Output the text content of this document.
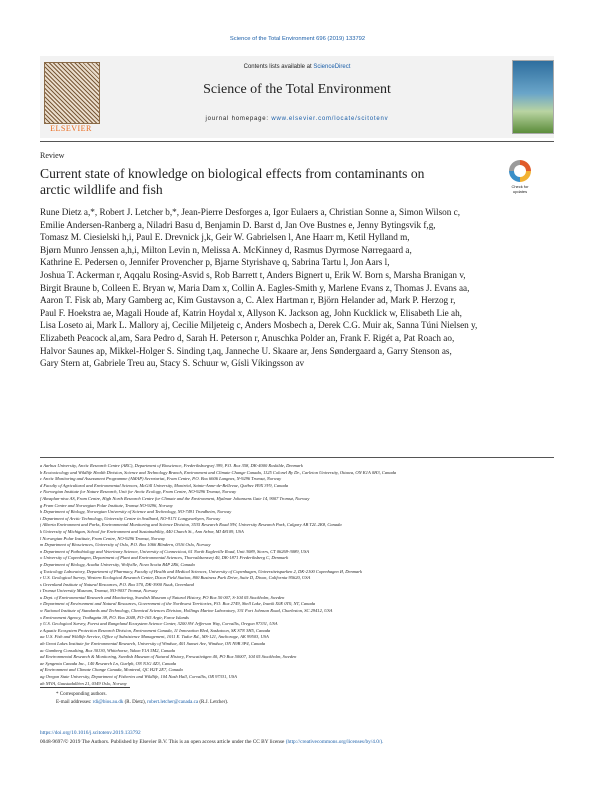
Science of the Total Environment 696 (2019) 133792
ELSEVIER
Contents lists available at ScienceDirect
Science of the Total Environment
journal homepage: www.elsevier.com/locate/scitotenv
Review
Current state of knowledge on biological effects from contaminants on
arctic wildlife and fish	Check for updates

Rune Dietz a,*, Robert J. Letcher b,*, Jean-Pierre Desforges a, Igor Eulaers a, Christian Sonne a, Simon Wilson c,

Emilie Andersen-Ranberg a, Niladri Basu d, Benjamin D. Barst d, Jan Ove Bustnes e, Jenny Bytingsvik f,g,

Tomasz M. Ciesielski h,i, Paul E. Drevnick j,k, Geir W. Gabrielsen l, Ane Haarr m, Ketil Hylland m,

Bjørn Munro Jenssen a,h,i, Milton Levin n, Melissa A. McKinney d, Rasmus Dyrmose Nørregaard a,

Kathrine E. Pedersen o, Jennifer Provencher p, Bjarne Styrishave q, Sabrina Tartu l, Jon Aars l,

Joshua T. Ackerman r, Aqqalu Rosing-Asvid s, Rob Barrett t, Anders Bignert u, Erik W. Born s, Marsha Branigan v,

Birgit Braune b, Colleen E. Bryan w, Maria Dam x, Collin A. Eagles-Smith y, Marlene Evans z, Thomas J. Evans aa,

Aaron T. Fisk ab, Mary Gamberg ac, Kim Gustavson a, C. Alex Hartman r, Björn Helander ad, Mark P. Herzog r,

Paul F. Hoekstra ae, Magali Houde af, Katrin Hoydal x, Allyson K. Jackson ag, John Kucklick w, Elisabeth Lie ah,

Lisa Loseto ai, Mark L. Mallory aj, Cecilie Miljeteig c, Anders Mosbech a, Derek C.G. Muir ak, Sanna Túni Nielsen y,

Elizabeth Peacock al,am, Sara Pedro d, Sarah H. Peterson r, Anuschka Polder an, Frank F. Rigét a, Pat Roach ao,

Halvor Saunes ap, Mikkel-Holger S. Sinding t,aq, Janneche U. Skaare ar, Jens Søndergaard a, Garry Stenson as,

Gary Stern at, Gabriele Treu au, Stacy S. Schuur w, Gísli Víkingsson av

a Aarhus University, Arctic Research Centre (ARC), Department of Bioscience, Frederiksborgvej 399, P.O. Box 358, DK-4000 Roskilde, Denmark

b Ecotoxicology and Wildlife Health Division, Science and Technology Branch, Environment and Climate Change Canada, 1125 Colonel By Dr., Carleton University, Ottawa, ON K1A 0H3, Canada

c Arctic Monitoring and Assessment Programme (AMAP) Secretariat, Fram Centre, P.O. Box 6606 Langnes, N-9296 Tromsø, Norway

d Faculty of Agricultural and Environmental Sciences, McGill University, Montréal, Sainte-Anne-de-Bellevue, Québec H9X 3V9, Canada

e Norwegian Institute for Nature Research, Unit for Arctic Ecology, Fram Centre, NO-9296 Tromsø, Norway

f Akvaplan-niva AS, Fram Centre, High North Research Centre for Climate and the Environment, Hjalmar Johansens Gate 14, 9007 Tromsø, Norway

g Fram Centre and Norwegian Polar Institute, Tromsø NO-9296, Norway

h Department of Biology, Norwegian University of Science and Technology, NO-7491 Trondheim, Norway

i Department of Arctic Technology, University Centre in Svalbard, NO-9171 Longyearbyen, Norway

j Alberta Environment and Parks, Environmental Monitoring and Science Division, 3535 Research Road NW, University Research Park, Calgary AB T2L 2K8, Canada

k University of Michigan, School for Environment and Sustainability, 440 Church St., Ann Arbor, MI 48109, USA

l Norwegian Polar Institute, Fram Centre, NO-9296 Tromsø, Norway

m Department of Biosciences, University of Oslo, P.O. Box 1066 Blindern, 0316 Oslo, Norway

n Department of Pathobiology and Veterinary Science, University of Connecticut, 61 North Eagleville Road, Unit 3089, Storrs, CT 06269-3089, USA

o University of Copenhagen, Department of Plant and Environmental Sciences, Thorvaldsensvej 40, DK-1871 Frederiksberg C, Denmark

p Department of Biology, Acadia University, Wolfville, Nova Scotia B4P 2R6, Canada

q Toxicology Laboratory, Department of Pharmacy, Faculty of Health and Medical Sciences, University of Copenhagen, Universitetsparken 2, DK-2100 Copenhagen Ø, Denmark

r U.S. Geological Survey, Western Ecological Research Center, Dixon Field Station, 800 Business Park Drive, Suite D, Dixon, California 95620, USA

s Greenland Institute of Natural Resources, P.O. Box 570, DK-3900 Nuuk, Greenland

t Tromsø University Museum, Tromsø, NO-9037 Tromsø, Norway

u Dept. of Environmental Research and Monitoring, Swedish Museum of Natural History, PO Box 50 007, S-104 05 Stockholm, Sweden

v Department of Environment and Natural Resources, Government of the Northwest Territories, P.O. Box 2749, Shell Lake, Inuvik X0E 0T0, NT, Canada

w National Institute of Standards and Technology, Chemical Sciences Division, Hollings Marine Laboratory, 331 Fort Johnson Road, Charleston, SC 29412, USA

x Environment Agency, Traðagøta 38, P.O. Box 2048, FO-165 Argir, Faroe Islands

y U.S. Geological Survey, Forest and Rangeland Ecosystem Science Center, 3200 SW Jefferson Way, Corvallis, Oregon 97331, USA

z Aquatic Ecosystem Protection Research Division, Environment Canada, 11 Innovation Blvd, Saskatoon, SK S7N 3H5, Canada

aa U.S. Fish and Wildlife Service, Office of Subsistence Management, 1011 E. Tudor Rd., MS-121, Anchorage, AK 99503, USA

ab Great Lakes Institute for Environmental Research, University of Windsor, 401 Sunset Ave, Windsor, ON N9B 3P4, Canada

ac Gamberg Consulting, Box 30130, Whitehorse, Yukon Y1A 5M2, Canada

ad Environmental Research & Monitoring, Swedish Museum of Natural History, Frescativägen 40, PO Box 50007, 104 05 Stockholm, Sweden

ae Syngenta Canada Inc., 140 Research Ln, Guelph, ON N1G 4Z3, Canada

af Environment and Climate Change Canada, Montreal, QC H2Y 2E7, Canada

ag Oregon State University, Department of Fisheries and Wildlife, 104 Nash Hall, Corvallis, OR 97331, USA

ah NIVA, Gaustadalléen 21, 0349 Oslo, Norway

* Corresponding authors.
E-mail addresses: rdi@bios.au.dk (R. Dietz), robert.letcher@canada.ca (R.J. Letcher).
https://doi.org/10.1016/j.scitotenv.2019.133792
0048-9697/© 2019 The Authors. Published by Elsevier B.V. This is an open access article under the CC BY license (http://creativecommons.org/licenses/by/4.0/).
